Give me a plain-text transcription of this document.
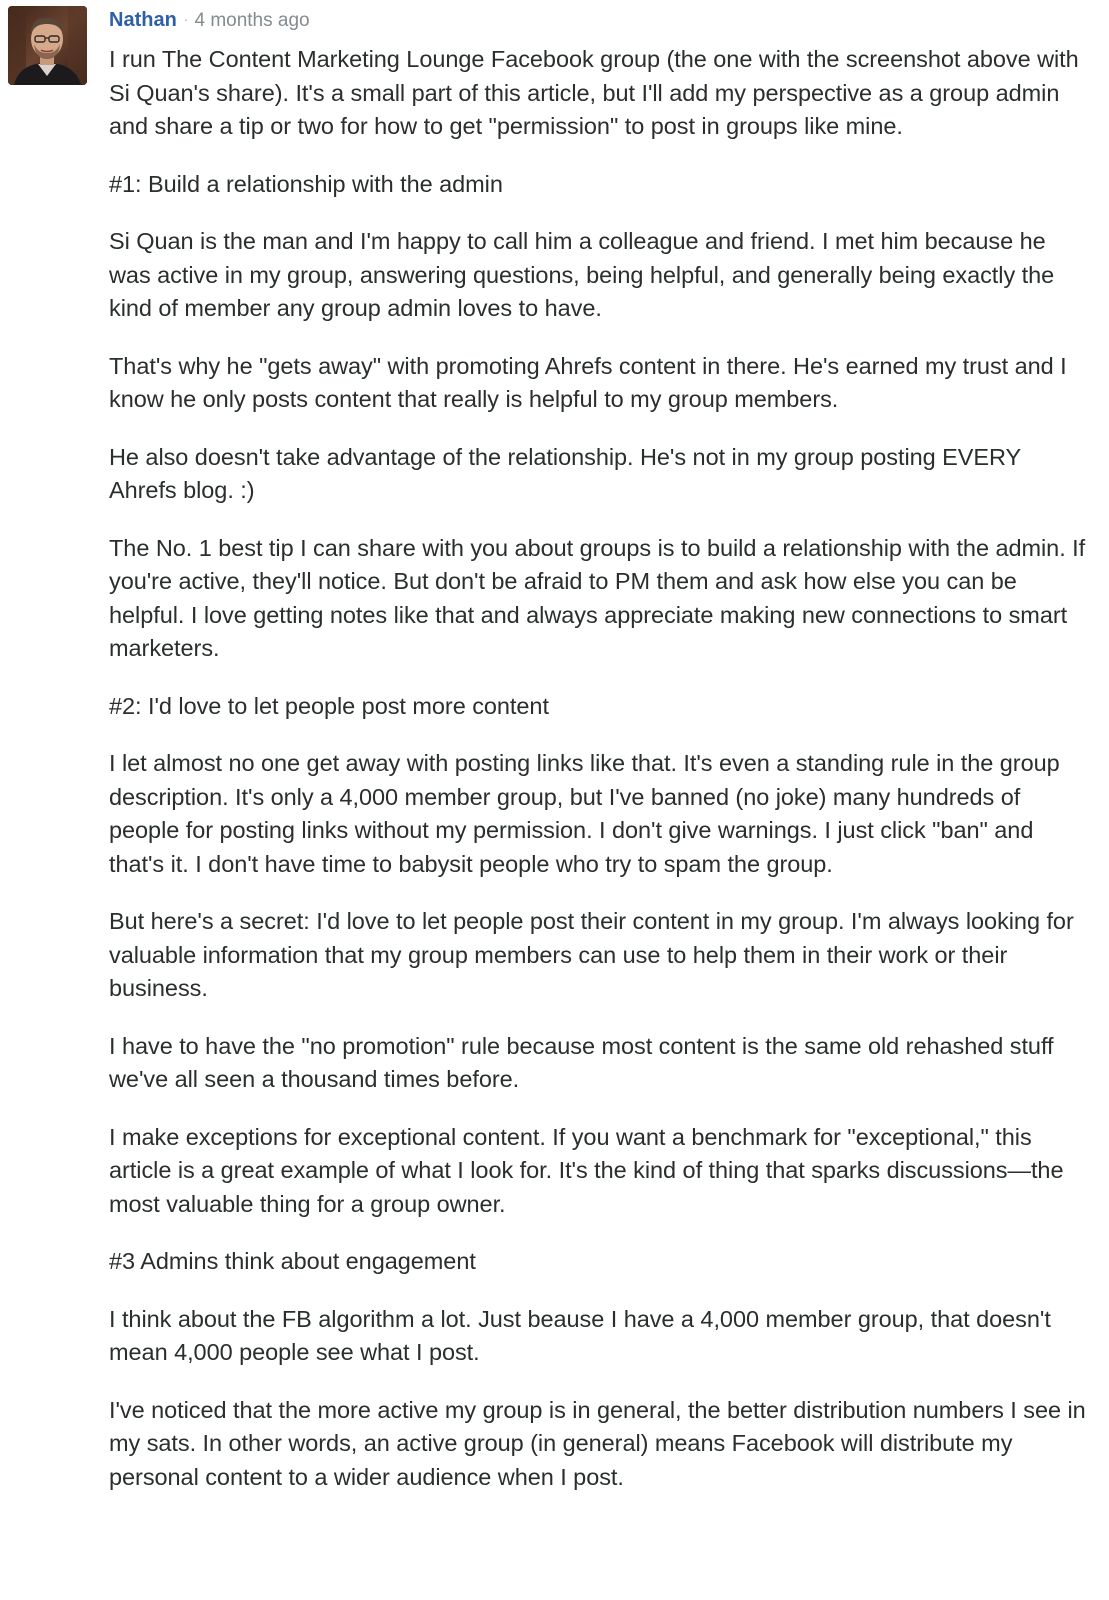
Nathan · 4 months ago

I run The Content Marketing Lounge Facebook group (the one with the screenshot above with Si Quan's share). It's a small part of this article, but I'll add my perspective as a group admin and share a tip or two for how to get "permission" to post in groups like mine.

#1: Build a relationship with the admin

Si Quan is the man and I'm happy to call him a colleague and friend. I met him because he was active in my group, answering questions, being helpful, and generally being exactly the kind of member any group admin loves to have.

That's why he "gets away" with promoting Ahrefs content in there. He's earned my trust and I know he only posts content that really is helpful to my group members.

He also doesn't take advantage of the relationship. He's not in my group posting EVERY Ahrefs blog. :)

The No. 1 best tip I can share with you about groups is to build a relationship with the admin. If you're active, they'll notice. But don't be afraid to PM them and ask how else you can be helpful. I love getting notes like that and always appreciate making new connections to smart marketers.

#2: I'd love to let people post more content

I let almost no one get away with posting links like that. It's even a standing rule in the group description. It's only a 4,000 member group, but I've banned (no joke) many hundreds of people for posting links without my permission. I don't give warnings. I just click "ban" and that's it. I don't have time to babysit people who try to spam the group.

But here's a secret: I'd love to let people post their content in my group. I'm always looking for valuable information that my group members can use to help them in their work or their business.

I have to have the "no promotion" rule because most content is the same old rehashed stuff we've all seen a thousand times before.

I make exceptions for exceptional content. If you want a benchmark for "exceptional," this article is a great example of what I look for. It's the kind of thing that sparks discussions—the most valuable thing for a group owner.

#3 Admins think about engagement

I think about the FB algorithm a lot. Just beause I have a 4,000 member group, that doesn't mean 4,000 people see what I post.

I've noticed that the more active my group is in general, the better distribution numbers I see in my sats. In other words, an active group (in general) means Facebook will distribute my personal content to a wider audience when I post.
